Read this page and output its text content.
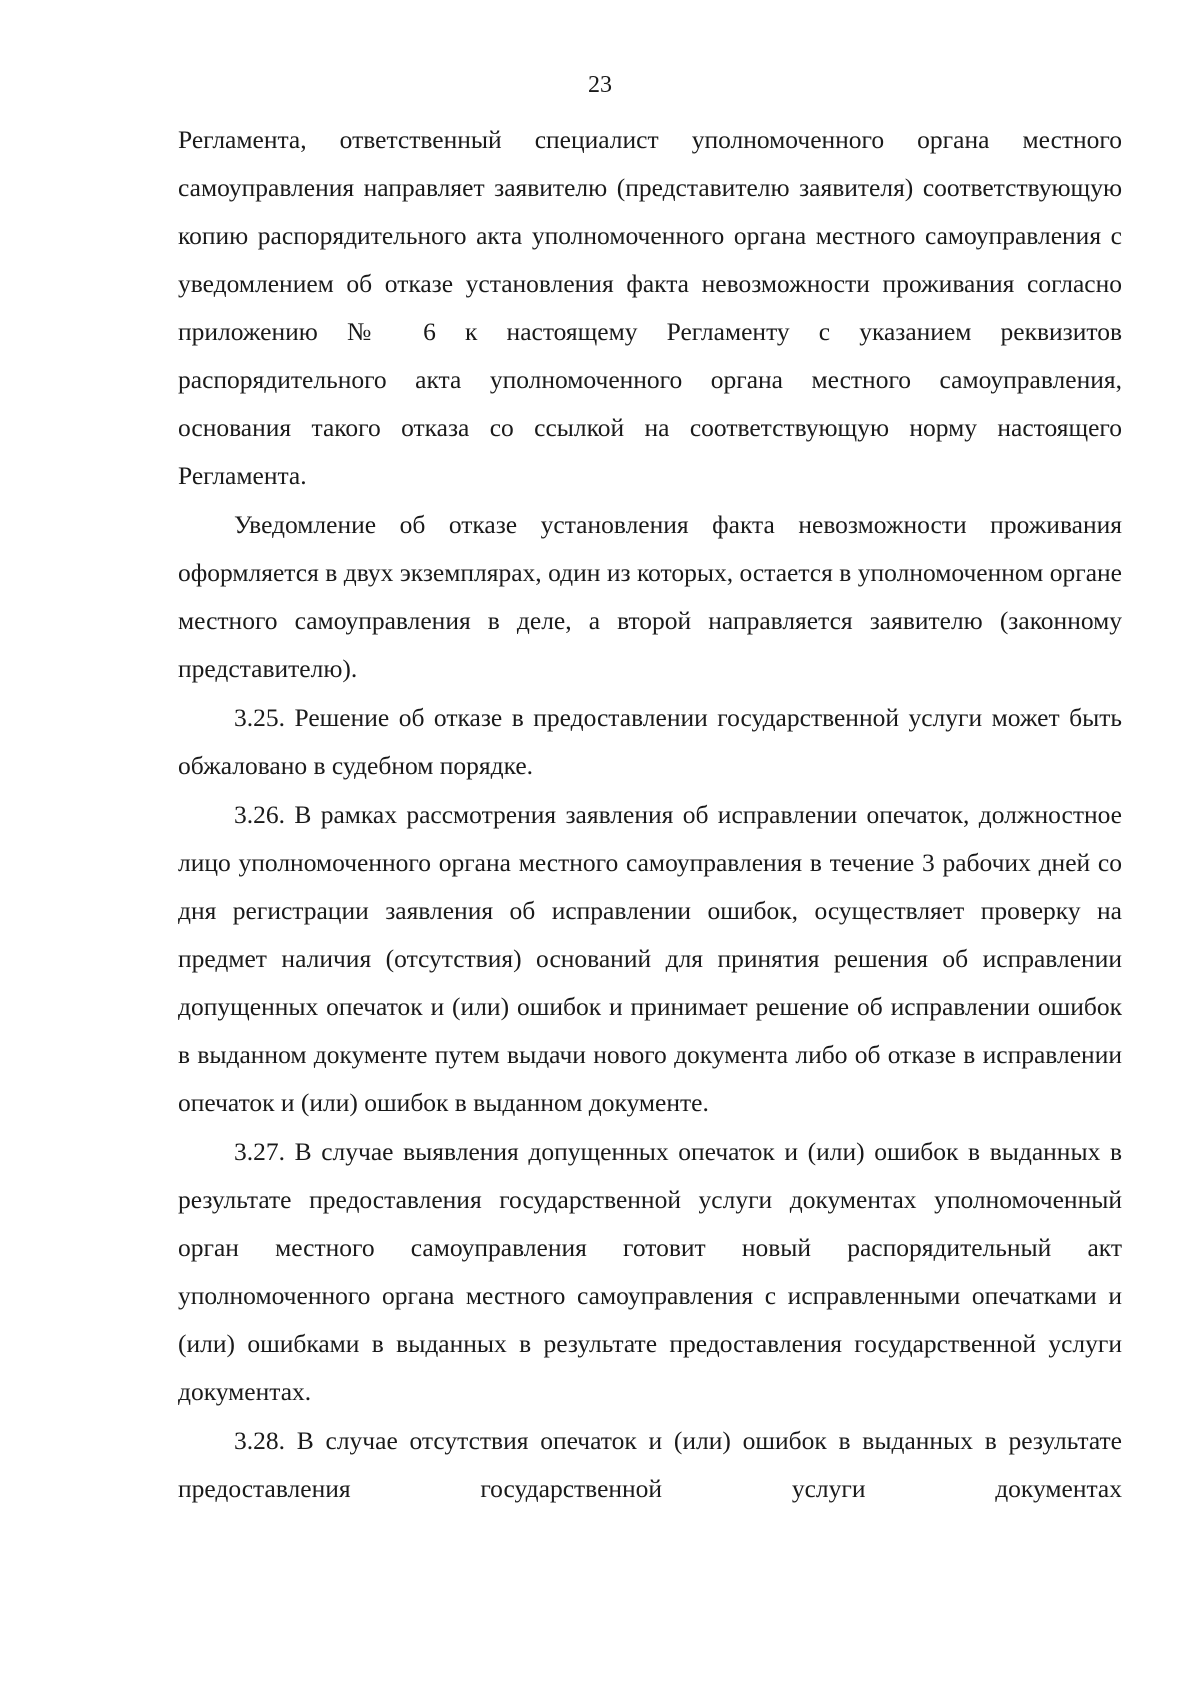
23

Регламента, ответственный специалист уполномоченного органа местного самоуправления направляет заявителю (представителю заявителя) соответствующую копию распорядительного акта уполномоченного органа местного самоуправления с уведомлением об отказе установления факта невозможности проживания согласно приложению № 6 к настоящему Регламенту с указанием реквизитов распорядительного акта уполномоченного органа местного самоуправления, основания такого отказа со ссылкой на соответствующую норму настоящего Регламента.

Уведомление об отказе установления факта невозможности проживания оформляется в двух экземплярах, один из которых, остается в уполномоченном органе местного самоуправления в деле, а второй направляется заявителю (законному представителю).

3.25. Решение об отказе в предоставлении государственной услуги может быть обжаловано в судебном порядке.

3.26. В рамках рассмотрения заявления об исправлении опечаток, должностное лицо уполномоченного органа местного самоуправления в течение 3 рабочих дней со дня регистрации заявления об исправлении ошибок, осуществляет проверку на предмет наличия (отсутствия) оснований для принятия решения об исправлении допущенных опечаток и (или) ошибок и принимает решение об исправлении ошибок в выданном документе путем выдачи нового документа либо об отказе в исправлении опечаток и (или) ошибок в выданном документе.

3.27. В случае выявления допущенных опечаток и (или) ошибок в выданных в результате предоставления государственной услуги документах уполномоченный орган местного самоуправления готовит новый распорядительный акт уполномоченного органа местного самоуправления с исправленными опечатками и (или) ошибками в выданных в результате предоставления государственной услуги документах.

3.28. В случае отсутствия опечаток и (или) ошибок в выданных в результате предоставления государственной услуги документах
